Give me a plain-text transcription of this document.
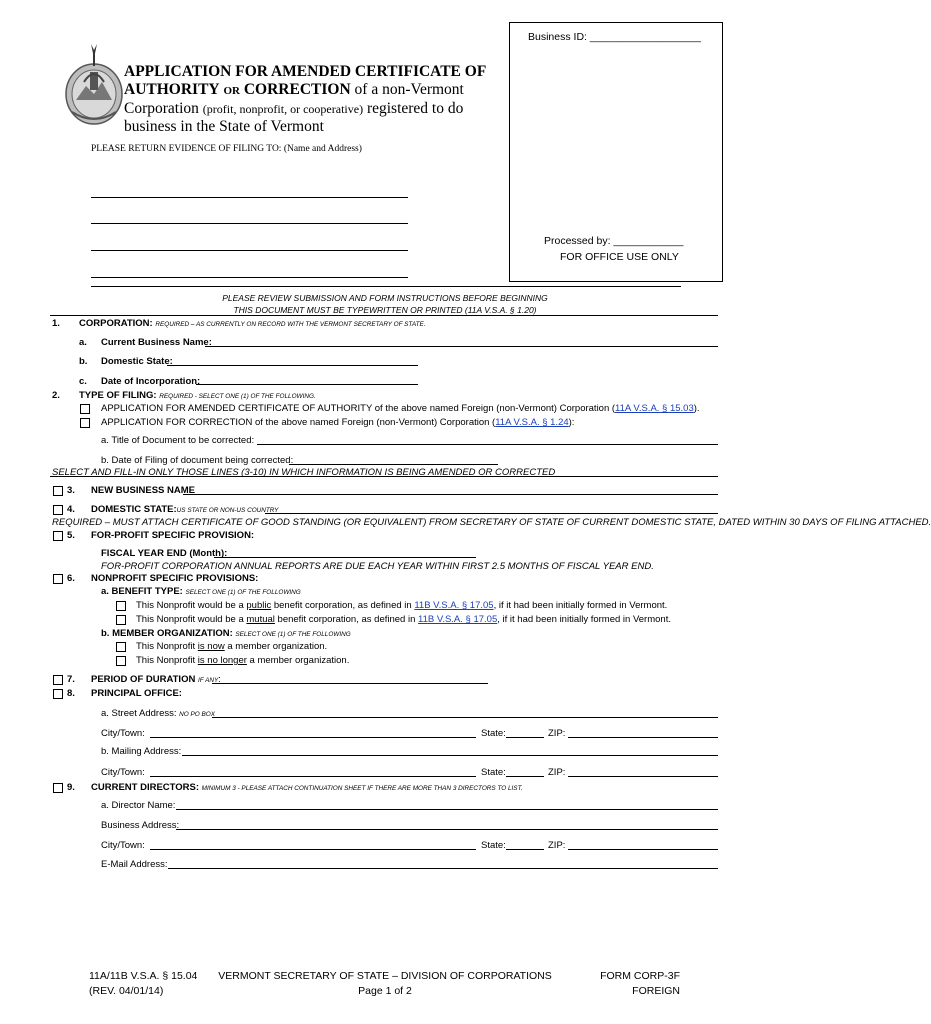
APPLICATION FOR AMENDED CERTIFICATE OF
AUTHORITY OR CORRECTION of a non-Vermont
Corporation (profit, nonprofit, or cooperative) registered to do
business in the State of Vermont
PLEASE RETURN EVIDENCE OF FILING TO: (Name and Address)
Business ID: ___________________
Processed by: ____________
FOR OFFICE USE ONLY
PLEASE REVIEW SUBMISSION AND FORM INSTRUCTIONS BEFORE BEGINNING
THIS DOCUMENT MUST BE TYPEWRITTEN OR PRINTED (11A V.S.A. § 1.20)
1. CORPORATION: REQUIRED – AS CURRENTLY ON RECORD WITH THE VERMONT SECRETARY OF STATE.
a. Current Business Name:
b. Domestic State:
c. Date of Incorporation:
2. TYPE OF FILING: REQUIRED - SELECT ONE (1) OF THE FOLLOWING.
APPLICATION FOR AMENDED CERTIFICATE OF AUTHORITY of the above named Foreign (non-Vermont) Corporation (11A V.S.A. § 15.03).
APPLICATION FOR CORRECTION of the above named Foreign (non-Vermont) Corporation (11A V.S.A. § 1.24):
a. Title of Document to be corrected:
b. Date of Filing of document being corrected:
SELECT AND FILL-IN ONLY THOSE LINES (3-10) IN WHICH INFORMATION IS BEING AMENDED OR CORRECTED
3. NEW BUSINESS NAME
4. DOMESTIC STATE:US STATE OR NON-US COUNTRY
REQUIRED – MUST ATTACH CERTIFICATE OF GOOD STANDING (OR EQUIVALENT) FROM SECRETARY OF STATE OF CURRENT DOMESTIC STATE, DATED WITHIN 30 DAYS OF FILING ATTACHED.
5. FOR-PROFIT SPECIFIC PROVISION:
FISCAL YEAR END (Month):
FOR-PROFIT CORPORATION ANNUAL REPORTS ARE DUE EACH YEAR WITHIN FIRST 2.5 MONTHS OF FISCAL YEAR END.
6. NONPROFIT SPECIFIC PROVISIONS:
a. BENEFIT TYPE: SELECT ONE (1) OF THE FOLLOWING
This Nonprofit would be a public benefit corporation, as defined in 11B V.S.A. § 17.05, if it had been initially formed in Vermont.
This Nonprofit would be a mutual benefit corporation, as defined in 11B V.S.A. § 17.05, if it had been initially formed in Vermont.
b. MEMBER ORGANIZATION: SELECT ONE (1) OF THE FOLLOWING
This Nonprofit is now a member organization.
This Nonprofit is no longer a member organization.
7. PERIOD OF DURATION IF ANY:
8. PRINCIPAL OFFICE:
a. Street Address: NO PO BOX
City/Town:	State:	ZIP:
b. Mailing Address:
City/Town:	State:	ZIP:
9. CURRENT DIRECTORS: MINIMUM 3 - PLEASE ATTACH CONTINUATION SHEET IF THERE ARE MORE THAN 3 DIRECTORS TO LIST.
a. Director Name:
Business Address:
City/Town:	State:	ZIP:
E-Mail Address:
11A/11B V.S.A. § 15.04
(REV. 04/01/14)
VERMONT SECRETARY OF STATE – DIVISION OF CORPORATIONS
Page 1 of 2
FORM CORP-3F
FOREIGN
